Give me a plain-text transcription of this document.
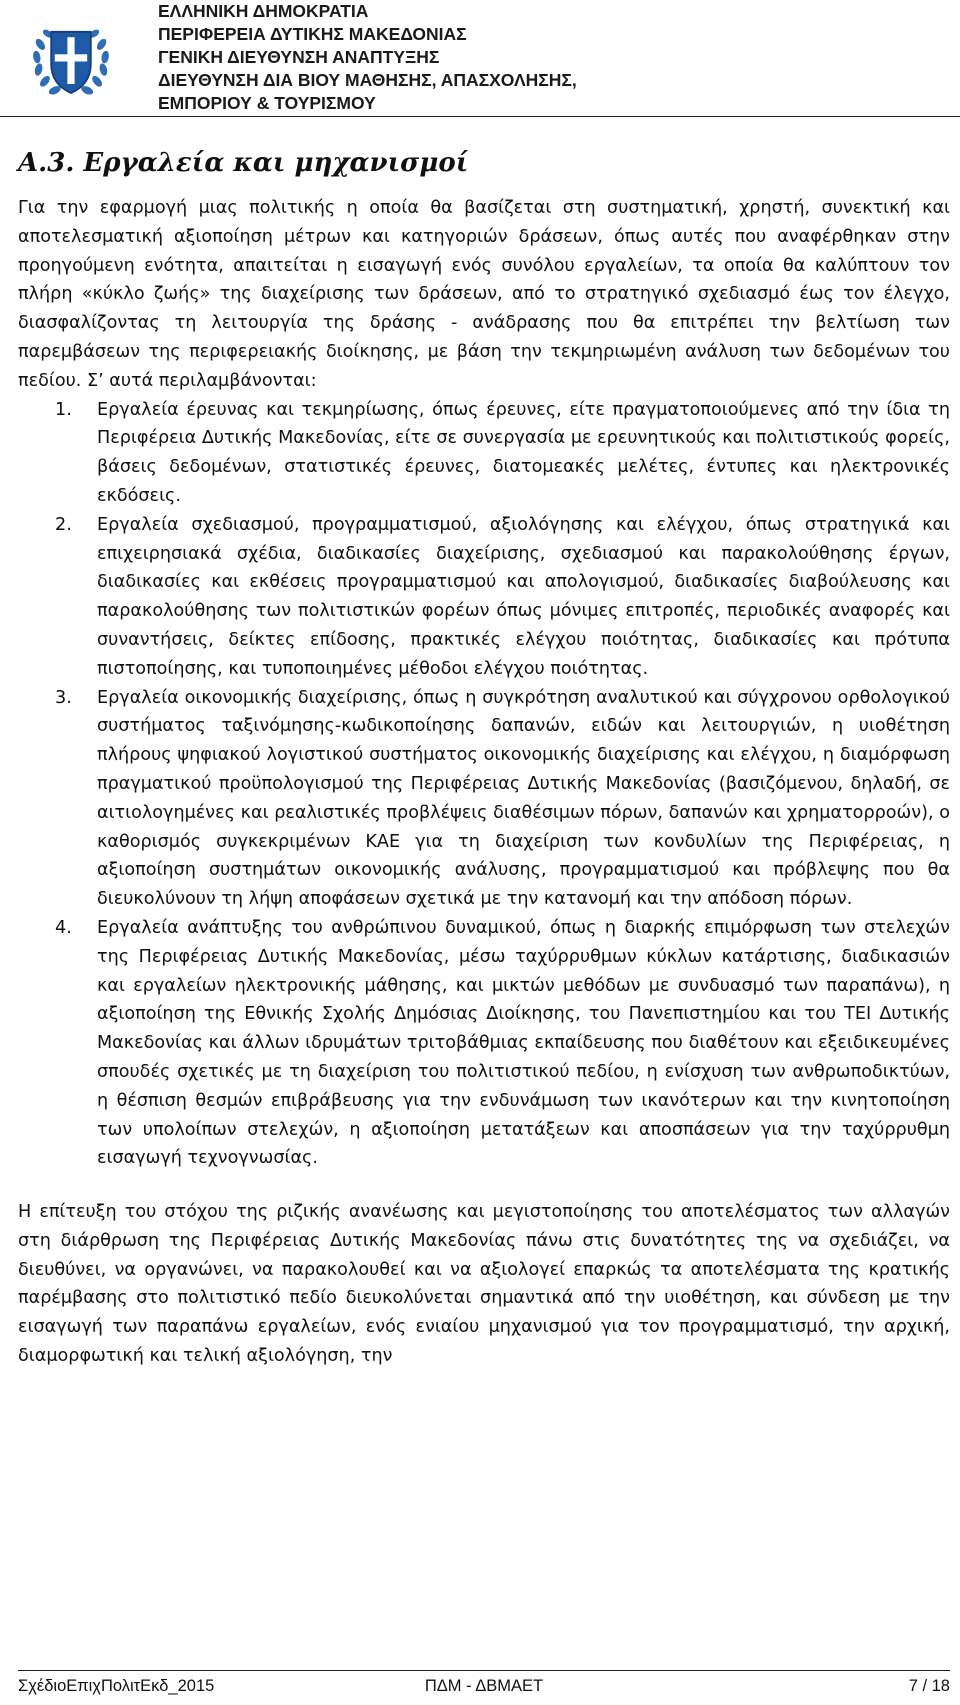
ΕΛΛΗΝΙΚΗ ΔΗΜΟΚΡΑΤΙΑ
ΠΕΡΙΦΕΡΕΙΑ ΔΥΤΙΚΗΣ ΜΑΚΕΔΟΝΙΑΣ
ΓΕΝΙΚΗ ΔΙΕΥΘΥΝΣΗ ΑΝΑΠΤΥΞΗΣ
ΔΙΕΥΘΥΝΣΗ ΔΙΑ ΒΙΟΥ ΜΑΘΗΣΗΣ, ΑΠΑΣΧΟΛΗΣΗΣ,
ΕΜΠΟΡΙΟΥ & ΤΟΥΡΙΣΜΟΥ
Α.3. Εργαλεία και μηχανισμοί

Για την εφαρμογή μιας πολιτικής η οποία θα βασίζεται στη συστηματική, χρηστή, συνεκτική και αποτελεσματική αξιοποίηση μέτρων και κατηγοριών δράσεων, όπως αυτές που αναφέρθηκαν στην προηγούμενη ενότητα, απαιτείται η εισαγωγή ενός συνόλου εργαλείων, τα οποία θα καλύπτουν τον πλήρη «κύκλο ζωής» της διαχείρισης των δράσεων, από το στρατηγικό σχεδιασμό έως τον έλεγχο, διασφαλίζοντας τη λειτουργία της δράσης - ανάδρασης που θα επιτρέπει την βελτίωση των παρεμβάσεων της περιφερειακής διοίκησης, με βάση την τεκμηριωμένη ανάλυση των δεδομένων του πεδίου. Σ’ αυτά περιλαμβάνονται:

1. Εργαλεία έρευνας και τεκμηρίωσης, όπως έρευνες, είτε πραγματοποιούμενες από την ίδια τη Περιφέρεια Δυτικής Μακεδονίας, είτε σε συνεργασία με ερευνητικούς και πολιτιστικούς φορείς, βάσεις δεδομένων, στατιστικές έρευνες, διατομεακές μελέτες, έντυπες και ηλεκτρονικές εκδόσεις.
2. Εργαλεία σχεδιασμού, προγραμματισμού, αξιολόγησης και ελέγχου, όπως στρατηγικά και επιχειρησιακά σχέδια, διαδικασίες διαχείρισης, σχεδιασμού και παρακολούθησης έργων, διαδικασίες και εκθέσεις προγραμματισμού και απολογισμού, διαδικασίες διαβούλευσης και παρακολούθησης των πολιτιστικών φορέων όπως μόνιμες επιτροπές, περιοδικές αναφορές και συναντήσεις, δείκτες επίδοσης, πρακτικές ελέγχου ποιότητας, διαδικασίες και πρότυπα πιστοποίησης, και τυποποιημένες μέθοδοι ελέγχου ποιότητας.
3. Εργαλεία οικονομικής διαχείρισης, όπως η συγκρότηση αναλυτικού και σύγχρονου ορθολογικού συστήματος ταξινόμησης-κωδικοποίησης δαπανών, ειδών και λειτουργιών, η υιοθέτηση πλήρους ψηφιακού λογιστικού συστήματος οικονομικής διαχείρισης και ελέγχου, η διαμόρφωση πραγματικού προϋπολογισμού της Περιφέρειας Δυτικής Μακεδονίας (βασιζόμενου, δηλαδή, σε αιτιολογημένες και ρεαλιστικές προβλέψεις διαθέσιμων πόρων, δαπανών και χρηματορροών), ο καθορισμός συγκεκριμένων ΚΑΕ για τη διαχείριση των κονδυλίων της Περιφέρειας, η αξιοποίηση συστημάτων οικονομικής ανάλυσης, προγραμματισμού και πρόβλεψης που θα διευκολύνουν τη λήψη αποφάσεων σχετικά με την κατανομή και την απόδοση πόρων.
4. Εργαλεία ανάπτυξης του ανθρώπινου δυναμικού, όπως η διαρκής επιμόρφωση των στελεχών της Περιφέρειας Δυτικής Μακεδονίας, μέσω ταχύρρυθμων κύκλων κατάρτισης, διαδικασιών και εργαλείων ηλεκτρονικής μάθησης, και μικτών μεθόδων με συνδυασμό των παραπάνω), η αξιοποίηση της Εθνικής Σχολής Δημόσιας Διοίκησης, του Πανεπιστημίου και του ΤΕΙ Δυτικής Μακεδονίας και άλλων ιδρυμάτων τριτοβάθμιας εκπαίδευσης που διαθέτουν και εξειδικευμένες σπουδές σχετικές με τη διαχείριση του πολιτιστικού πεδίου, η ενίσχυση των ανθρωποδικτύων, η θέσπιση θεσμών επιβράβευσης για την ενδυνάμωση των ικανότερων και την κινητοποίηση των υπολοίπων στελεχών, η αξιοποίηση μετατάξεων και αποσπάσεων για την ταχύρρυθμη εισαγωγή τεχνογνωσίας.

Η επίτευξη του στόχου της ριζικής ανανέωσης και μεγιστοποίησης του αποτελέσματος των αλλαγών στη διάρθρωση της Περιφέρειας Δυτικής Μακεδονίας πάνω στις δυνατότητες της να σχεδιάζει, να διευθύνει, να οργανώνει, να παρακολουθεί και να αξιολογεί επαρκώς τα αποτελέσματα της κρατικής παρέμβασης στο πολιτιστικό πεδίο διευκολύνεται σημαντικά από την υιοθέτηση, και σύνδεση με την εισαγωγή των παραπάνω εργαλείων, ενός ενιαίου μηχανισμού για τον προγραμματισμό, την αρχική, διαμορφωτική και τελική αξιολόγηση, την

ΣχέδιοΕπιχΠολιτΕκδ_2015	ΠΔΜ - ΔΒΜΑΕΤ	7 / 18
